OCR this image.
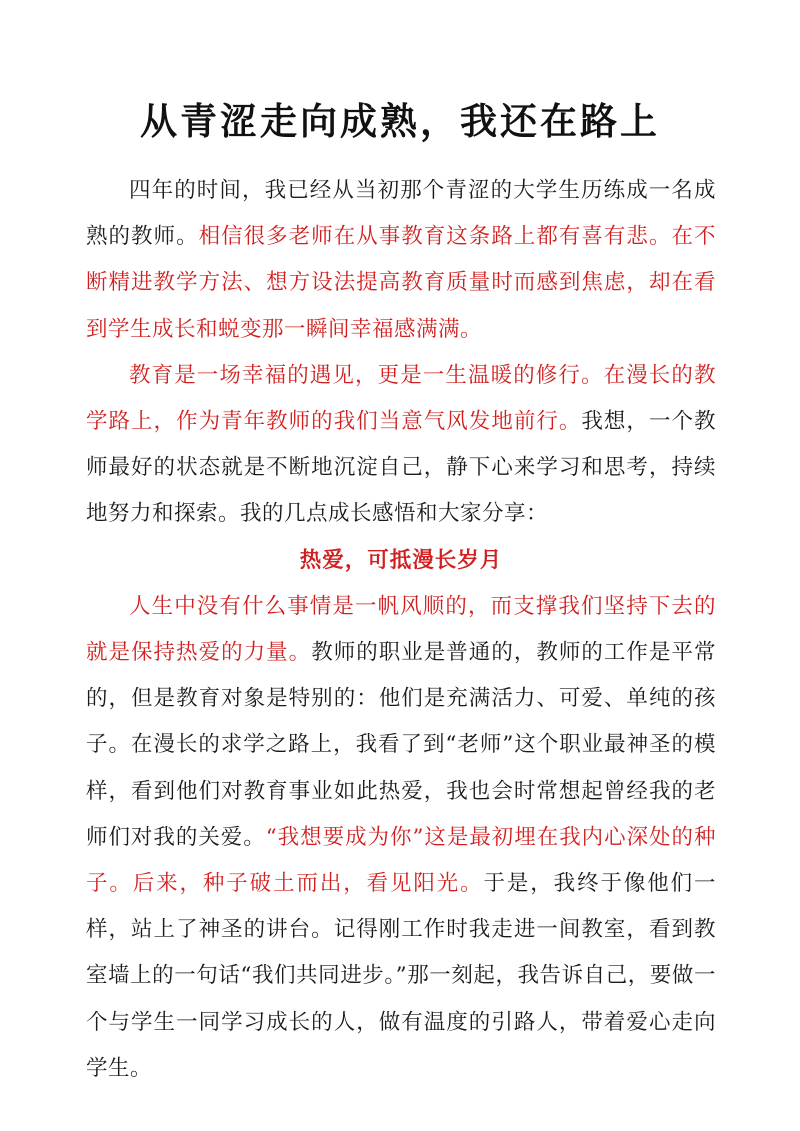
从青涩走向成熟，我还在路上

四年的时间，我已经从当初那个青涩的大学生历练成一名成熟的教师。相信很多老师在从事教育这条路上都有喜有悲。在不断精进教学方法、想方设法提高教育质量时而感到焦虑，却在看到学生成长和蜕变那一瞬间幸福感满满。

教育是一场幸福的遇见，更是一生温暖的修行。在漫长的教学路上，作为青年教师的我们当意气风发地前行。我想，一个教师最好的状态就是不断地沉淀自己，静下心来学习和思考，持续地努力和探索。我的几点成长感悟和大家分享：

热爱，可抵漫长岁月

人生中没有什么事情是一帆风顺的，而支撑我们坚持下去的就是保持热爱的力量。教师的职业是普通的，教师的工作是平常的，但是教育对象是特别的：他们是充满活力、可爱、单纯的孩子。在漫长的求学之路上，我看了到“老师”这个职业最神圣的模样，看到他们对教育事业如此热爱，我也会时常想起曾经我的老师们对我的关爱。“我想要成为你”这是最初埋在我内心深处的种子。后来，种子破土而出，看见阳光。于是，我终于像他们一样，站上了神圣的讲台。记得刚工作时我走进一间教室，看到教室墙上的一句话“我们共同进步。”那一刻起，我告诉自己，要做一个与学生一同学习成长的人，做有温度的引路人，带着爱心走向学生。
